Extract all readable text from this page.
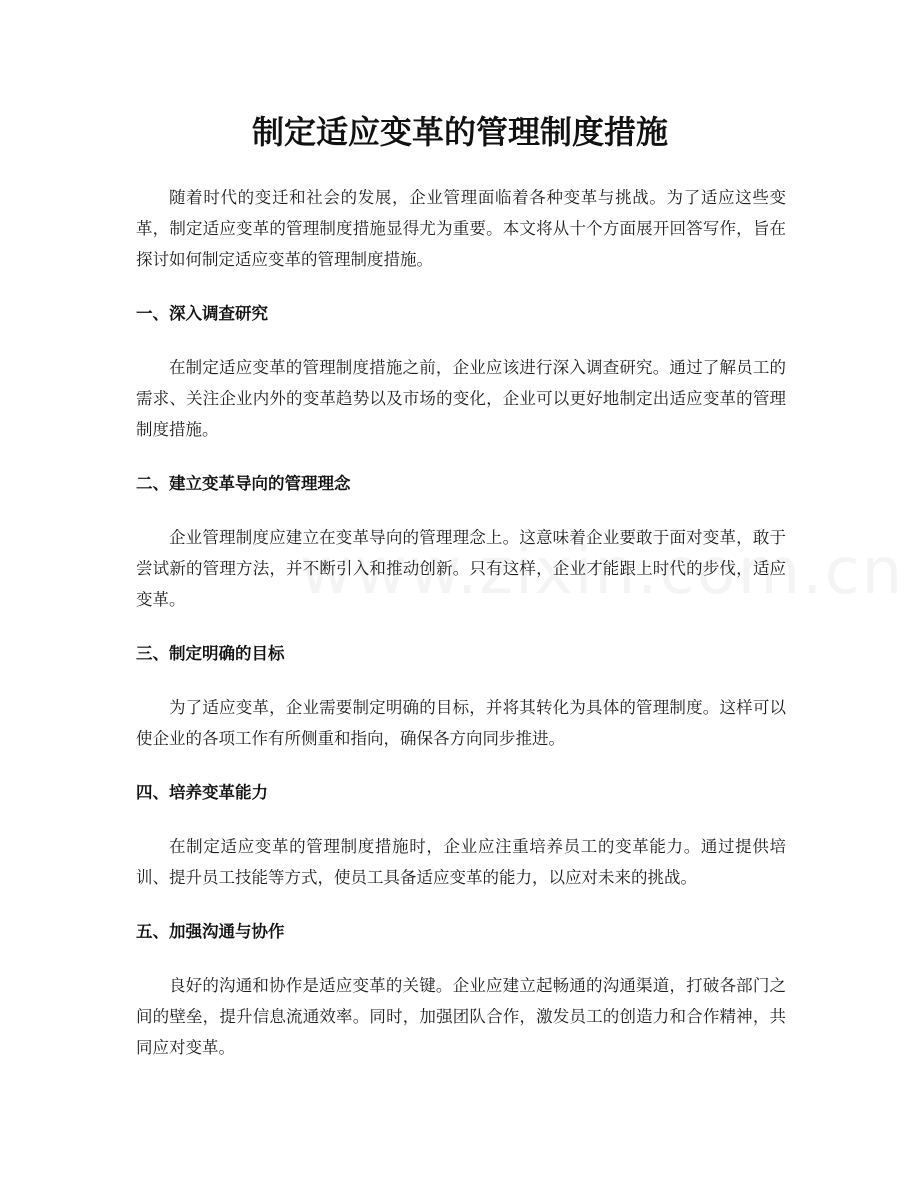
制定适应变革的管理制度措施

随着时代的变迁和社会的发展，企业管理面临着各种变革与挑战。为了适应这些变革，制定适应变革的管理制度措施显得尤为重要。本文将从十个方面展开回答写作，旨在探讨如何制定适应变革的管理制度措施。

一、深入调查研究

在制定适应变革的管理制度措施之前，企业应该进行深入调查研究。通过了解员工的需求、关注企业内外的变革趋势以及市场的变化，企业可以更好地制定出适应变革的管理制度措施。

二、建立变革导向的管理理念

企业管理制度应建立在变革导向的管理理念上。这意味着企业要敢于面对变革，敢于尝试新的管理方法，并不断引入和推动创新。只有这样，企业才能跟上时代的步伐，适应变革。

三、制定明确的目标

为了适应变革，企业需要制定明确的目标，并将其转化为具体的管理制度。这样可以使企业的各项工作有所侧重和指向，确保各方向同步推进。

四、培养变革能力

在制定适应变革的管理制度措施时，企业应注重培养员工的变革能力。通过提供培训、提升员工技能等方式，使员工具备适应变革的能力，以应对未来的挑战。

五、加强沟通与协作

良好的沟通和协作是适应变革的关键。企业应建立起畅通的沟通渠道，打破各部门之间的壁垒，提升信息流通效率。同时，加强团队合作，激发员工的创造力和合作精神，共同应对变革。
